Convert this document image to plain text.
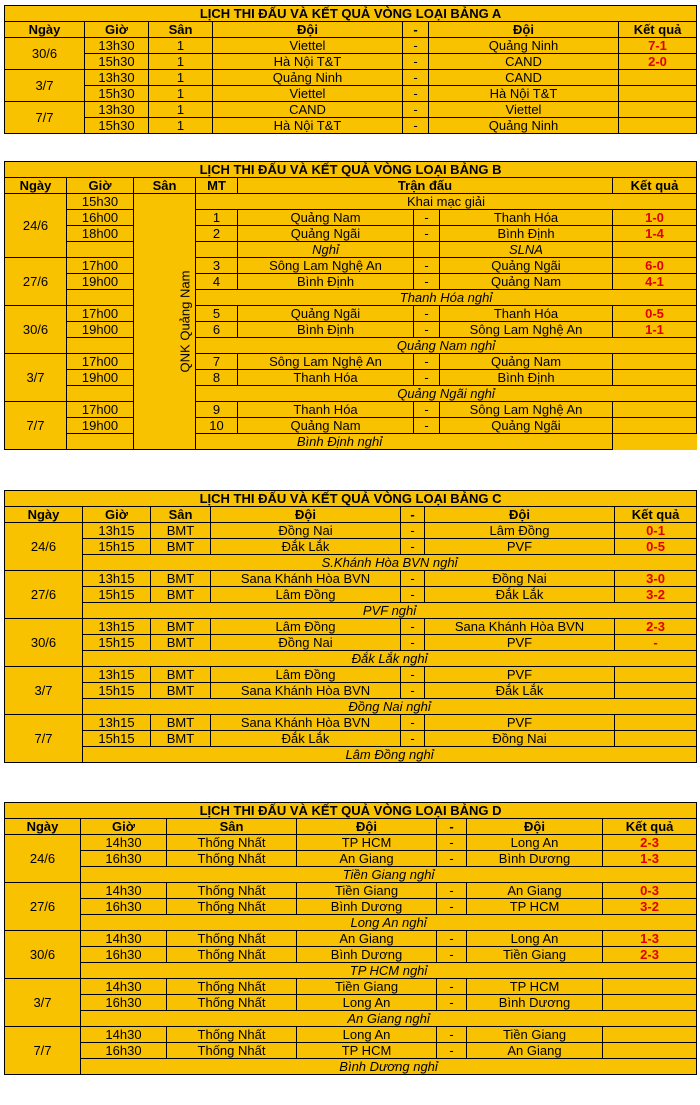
LỊCH THI ĐẤU VÀ KẾT QUẢ VÒNG LOẠI BẢNG A						
Ngày	Giờ	Sân	Đội	-	Đội	Kết quả
30/6	13h30	1	Viettel	-	Quảng Ninh	7-1
	15h30	1	Hà Nội T&T	-	CAND	2-0
3/7	13h30	1	Quảng Ninh	-	CAND	
	15h30	1	Viettel	-	Hà Nội T&T	
7/7	13h30	1	CAND	-	Viettel	
	15h30	1	Hà Nội T&T	-	Quảng Ninh	
LỊCH THI ĐẤU VÀ KẾT QUẢ VÒNG LOẠI BẢNG B							
Ngày	Giờ	Sân	MT	Trận đấu			Kết quả
24/6	15h30	QNK Quảng Nam	Khai mạc giải				
	16h00		1	Quảng Nam	-	Thanh Hóa	1-0
	18h00		2	Quảng Ngãi	-	Bình Định	1-4
				Nghỉ		SLNA	
27/6	17h00		3	Sông Lam Nghệ An	-	Quảng Ngãi	6-0
	19h00		4	Bình Định	-	Quảng Nam	4-1
			Thanh Hóa nghỉ				
30/6	17h00		5	Quảng Ngãi	-	Thanh Hóa	0-5
	19h00		6	Bình Định	-	Sông Lam Nghệ An	1-1
			Quảng Nam nghỉ				
3/7	17h00		7	Sông Lam Nghệ An	-	Quảng Nam	
	19h00		8	Thanh Hóa	-	Bình Định	
			Quảng Ngãi nghỉ				
7/7	17h00		9	Thanh Hóa	-	Sông Lam Nghệ An	
	19h00		10	Quảng Nam	-	Quảng Ngãi	
	Bình Định nghỉ						
LỊCH THI ĐẤU VÀ KẾT QUẢ VÒNG LOẠI BẢNG C						
Ngày	Giờ	Sân	Đội	-	Đội	Kết quả
24/6	13h15	BMT	Đồng Nai	-	Lâm Đồng	0-1
	15h15	BMT	Đắk Lắk	-	PVF	0-5
	S.Khánh Hòa BVN nghỉ					
27/6	13h15	BMT	Sana Khánh Hòa BVN	-	Đồng Nai	3-0
	15h15	BMT	Lâm Đồng	-	Đắk Lắk	3-2
	PVF nghỉ					
30/6	13h15	BMT	Lâm Đồng	-	Sana Khánh Hòa BVN	2-3
	15h15	BMT	Đồng Nai	-	PVF	-
	Đắk Lắk nghỉ					
3/7	13h15	BMT	Lâm Đồng	-	PVF	
	15h15	BMT	Sana Khánh Hòa BVN	-	Đắk Lắk	
	Đồng Nai nghỉ					
7/7	13h15	BMT	Sana Khánh Hòa BVN	-	PVF	
	15h15	BMT	Đắk Lắk	-	Đồng Nai	
	Lâm Đồng nghỉ					
LỊCH THI ĐẤU VÀ KẾT QUẢ VÒNG LOẠI BẢNG D						
Ngày	Giờ	Sân	Đội	-	Đội	Kết quả
24/6	14h30	Thống Nhất	TP HCM	-	Long An	2-3
	16h30	Thống Nhất	An Giang	-	Bình Dương	1-3
	Tiền Giang nghỉ					
27/6	14h30	Thống Nhất	Tiền Giang	-	An Giang	0-3
	16h30	Thống Nhất	Bình Dương	-	TP HCM	3-2
	Long An nghỉ					
30/6	14h30	Thống Nhất	An Giang	-	Long An	1-3
	16h30	Thống Nhất	Bình Dương	-	Tiền Giang	2-3
	TP HCM nghỉ					
3/7	14h30	Thống Nhất	Tiền Giang	-	TP HCM	
	16h30	Thống Nhất	Long An	-	Bình Dương	
	An Giang nghỉ					
7/7	14h30	Thống Nhất	Long An	-	Tiền Giang	
	16h30	Thống Nhất	TP HCM	-	An Giang	
	Bình Dương nghỉ					
